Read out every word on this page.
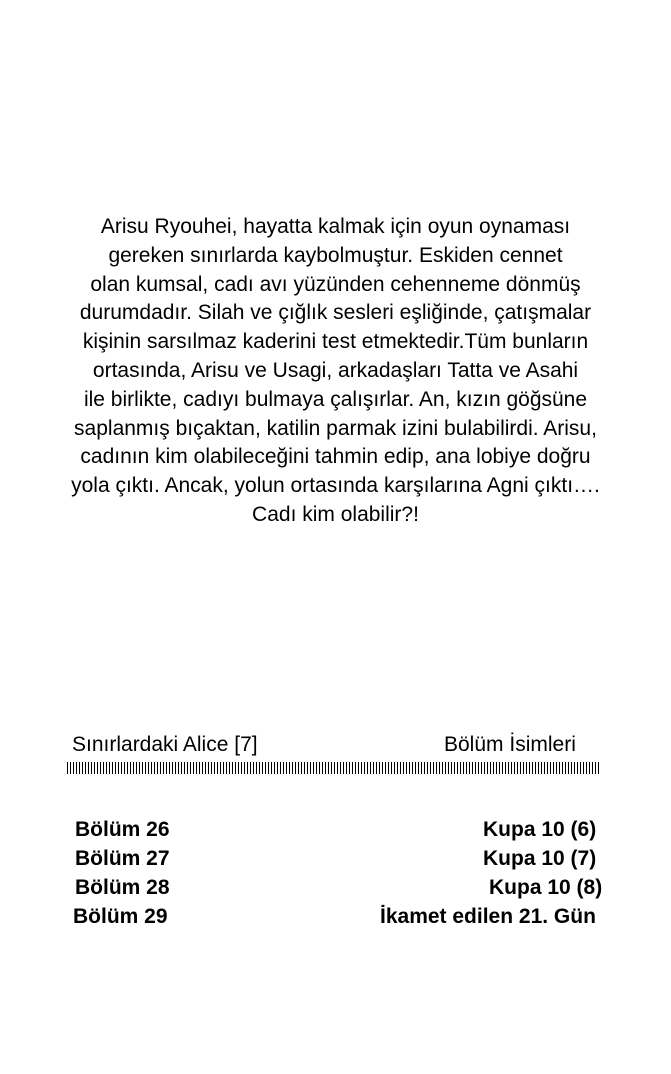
Arisu Ryouhei, hayatta kalmak için oyun oynaması
gereken sınırlarda kaybolmuştur. Eskiden cennet
olan kumsal, cadı avı yüzünden cehenneme dönmüş
durumdadır. Silah ve çığlık sesleri eşliğinde, çatışmalar
kişinin sarsılmaz kaderini test etmektedir.Tüm bunların
ortasında, Arisu ve Usagi, arkadaşları Tatta ve Asahi
ile birlikte, cadıyı bulmaya çalışırlar. An, kızın göğsüne
saplanmış bıçaktan, katilin parmak izini bulabilirdi. Arisu,
cadının kim olabileceğini tahmin edip, ana lobiye doğru
yola çıktı. Ancak, yolun ortasında karşılarına Agni çıktı….
Cadı kim olabilir?!
Sınırlardaki Alice [7]	Bölüm İsimleri
Bölüm 26	Kupa 10 (6)
Bölüm 27	Kupa 10 (7)
Bölüm 28	Kupa 10 (8)
Bölüm 29	İkamet edilen 21. Gün
